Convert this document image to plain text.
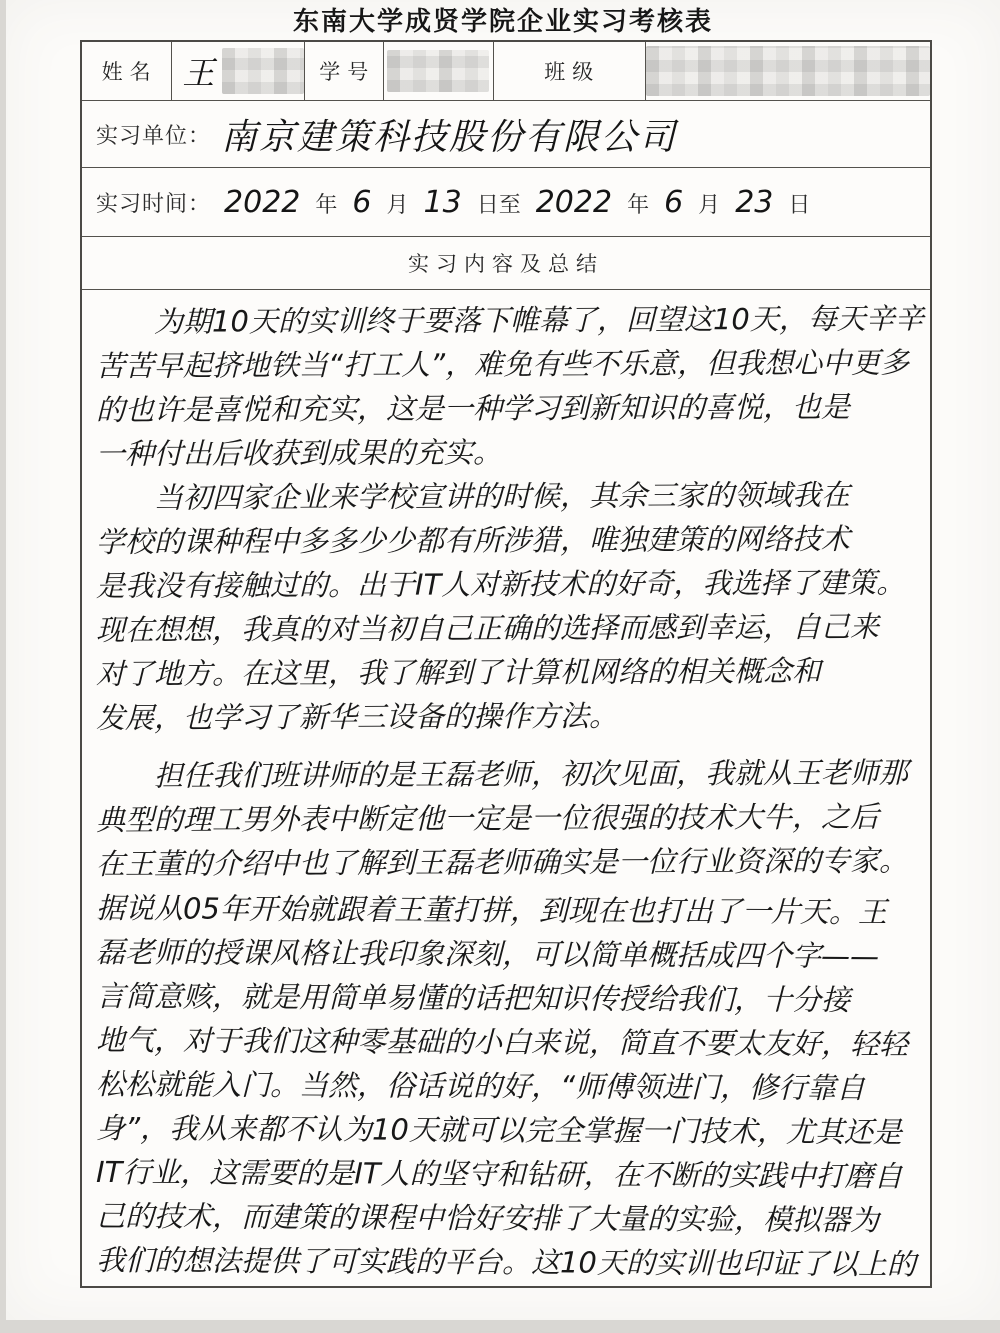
东南大学成贤学院企业实习考核表
姓名 王	学号	班级
实习单位： 南京建策科技股份有限公司
实习时间： 2022 年 6 月 13 日至 2022 年 6 月 23 日
实习内容及总结
　　为期10天的实训终于要落下帷幕了，回望这10天，每天辛辛
苦苦早起挤地铁当“打工人”，难免有些不乐意，但我想心中更多
的也许是喜悦和充实，这是一种学习到新知识的喜悦，也是
一种付出后收获到成果的充实。
　　当初四家企业来学校宣讲的时候，其余三家的领域我在
学校的课种程中多多少少都有所涉猎，唯独建策的网络技术
是我没有接触过的。出于IT人对新技术的好奇，我选择了建策。
现在想想，我真的对当初自己正确的选择而感到幸运，自己来
对了地方。在这里，我了解到了计算机网络的相关概念和
发展，也学习了新华三设备的操作方法。
　　担任我们班讲师的是王磊老师，初次见面，我就从王老师那
典型的理工男外表中断定他一定是一位很强的技术大牛，之后
在王董的介绍中也了解到王磊老师确实是一位行业资深的专家。
据说从05年开始就跟着王董打拼，到现在也打出了一片天。王
磊老师的授课风格让我印象深刻，可以简单概括成四个字——
言简意赅，就是用简单易懂的话把知识传授给我们，十分接
地气，对于我们这种零基础的小白来说，简直不要太友好，轻轻
松松就能入门。当然，俗话说的好，“师傅领进门，修行靠自
身”，我从来都不认为10天就可以完全掌握一门技术，尤其还是
IT行业，这需要的是IT人的坚守和钻研，在不断的实践中打磨自
己的技术，而建策的课程中恰好安排了大量的实验，模拟器为
我们的想法提供了可实践的平台。这10天的实训也印证了以上的
